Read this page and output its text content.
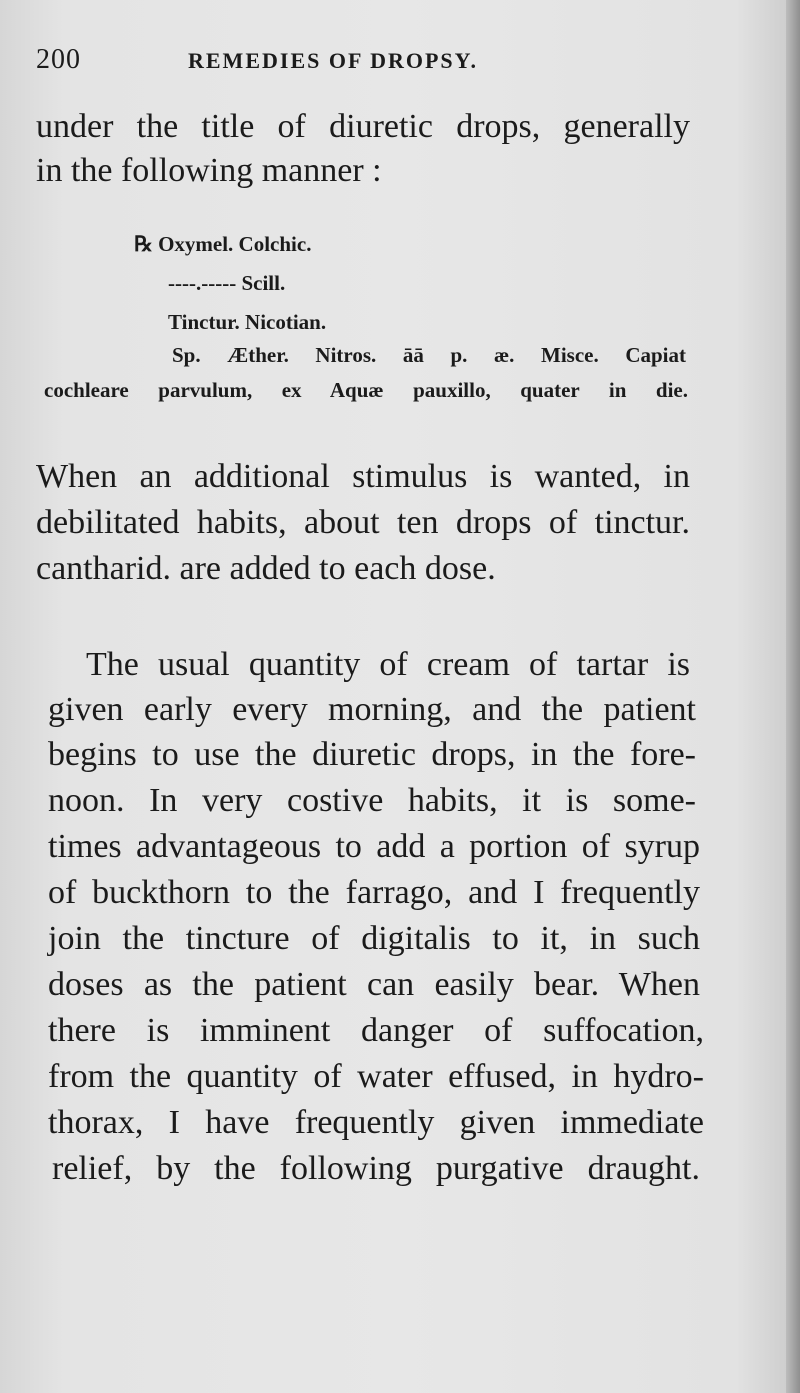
200	REMEDIES OF DROPSY.
under the title of diuretic drops, generally
in the following manner :
℞ Oxymel. Colchic.
----.----- Scill.
Tinctur. Nicotian.
Sp. Æther. Nitros. āā p. æ. Misce. Capiat
cochleare parvulum, ex Aquæ pauxillo, quater in die.
When an additional stimulus is wanted, in
debilitated habits, about ten drops of tinctur.
cantharid. are added to each dose.
The usual quantity of cream of tartar is
given early every morning, and the patient
begins to use the diuretic drops, in the fore-
noon. In very costive habits, it is some-
times advantageous to add a portion of syrup
of buckthorn to the farrago, and I frequently
join the tincture of digitalis to it, in such
doses as the patient can easily bear. When
there is imminent danger of suffocation,
from the quantity of water effused, in hydro-
thorax, I have frequently given immediate
relief, by the following purgative draught.
